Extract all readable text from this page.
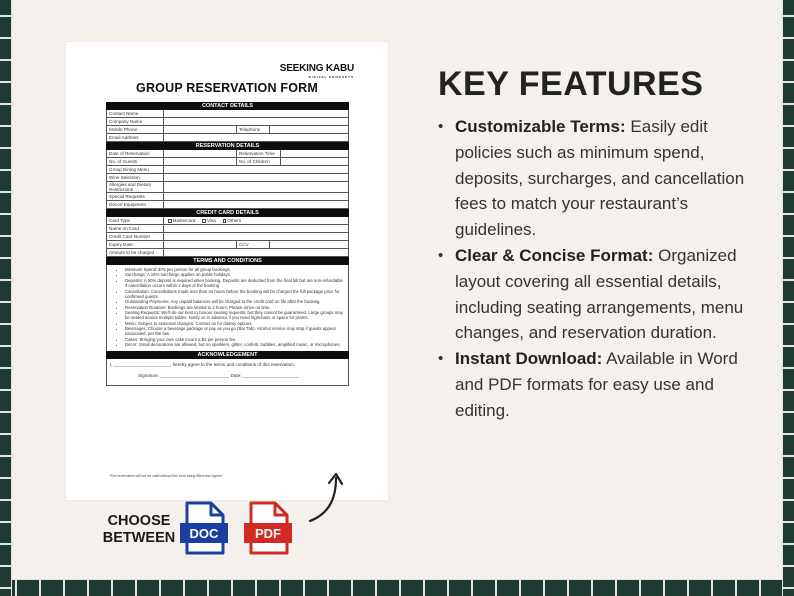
SEEKING KABU
DIGITAL PRODUCTS
GROUP RESERVATION FORM
CONTACT DETAILS
Contact Name
Company Name
Mobile Phone	Telephone
Email Address
RESERVATION DETAILS
Date of Reservation	Reservation Time
No. of Guests	No. of Children
Group Dining Menu
Wine Selection
Allergies and Dietary Restrictions
Special Requests
Décor/ Equipment
CREDIT CARD DETAILS
Card Type	Mastercard	Visa	Others
Name on Card
Credit Card Number
Expiry Date	CCV
Amount to be charged
TERMS AND CONDITIONS
• Minimum Spend: $75 per person for all group bookings.
• Surcharge: A 15% surcharge applies on public holidays.
• Deposits: A 50% deposit is required when booking. Deposits are deducted from the final bill but are non-refundable if cancellation occurs within 2 days of the booking.
• Cancellation: Cancellations made less than 24 hours before the booking will be charged the full package price for confirmed guests.
• Outstanding Payments: Any unpaid balances will be charged to the credit card on file after the booking.
• Reservation Duration: Bookings are limited to 2 hours. Please arrive on time.
• Seating Requests: We'll do our best to honour seating requests, but they cannot be guaranteed. Large groups may be seated across multiple tables. Notify us in advance if you need highchairs or space for prams.
• Menu: Subject to seasonal changes. Contact us for dietary options.
• Beverages: Choose a beverage package or pay as you go (Bar Tab). Alcohol service may stop if guests appear intoxicated, per the law.
• Cakes: Bringing your own cake incurs a $4 per person fee.
• Décor: Small decorations are allowed, but no sparklers, glitter, confetti, bubbles, amplified music, or microphones.
ACKNOWLEDGEMENT
I, ______________________, hereby agree to the terms and conditions of this reservation.
Signature: ___________________________ Date: ______________________
*The reservation will not be valid without this form being filled and signed
CHOOSE
BETWEEN	DOC	PDF
KEY FEATURES
• Customizable Terms: Easily edit policies such as minimum spend, deposits, surcharges, and cancellation fees to match your restaurant’s guidelines.
• Clear & Concise Format: Organized layout covering all essential details, including seating arrangements, menu changes, and reservation duration.
• Instant Download: Available in Word and PDF formats for easy use and editing.
